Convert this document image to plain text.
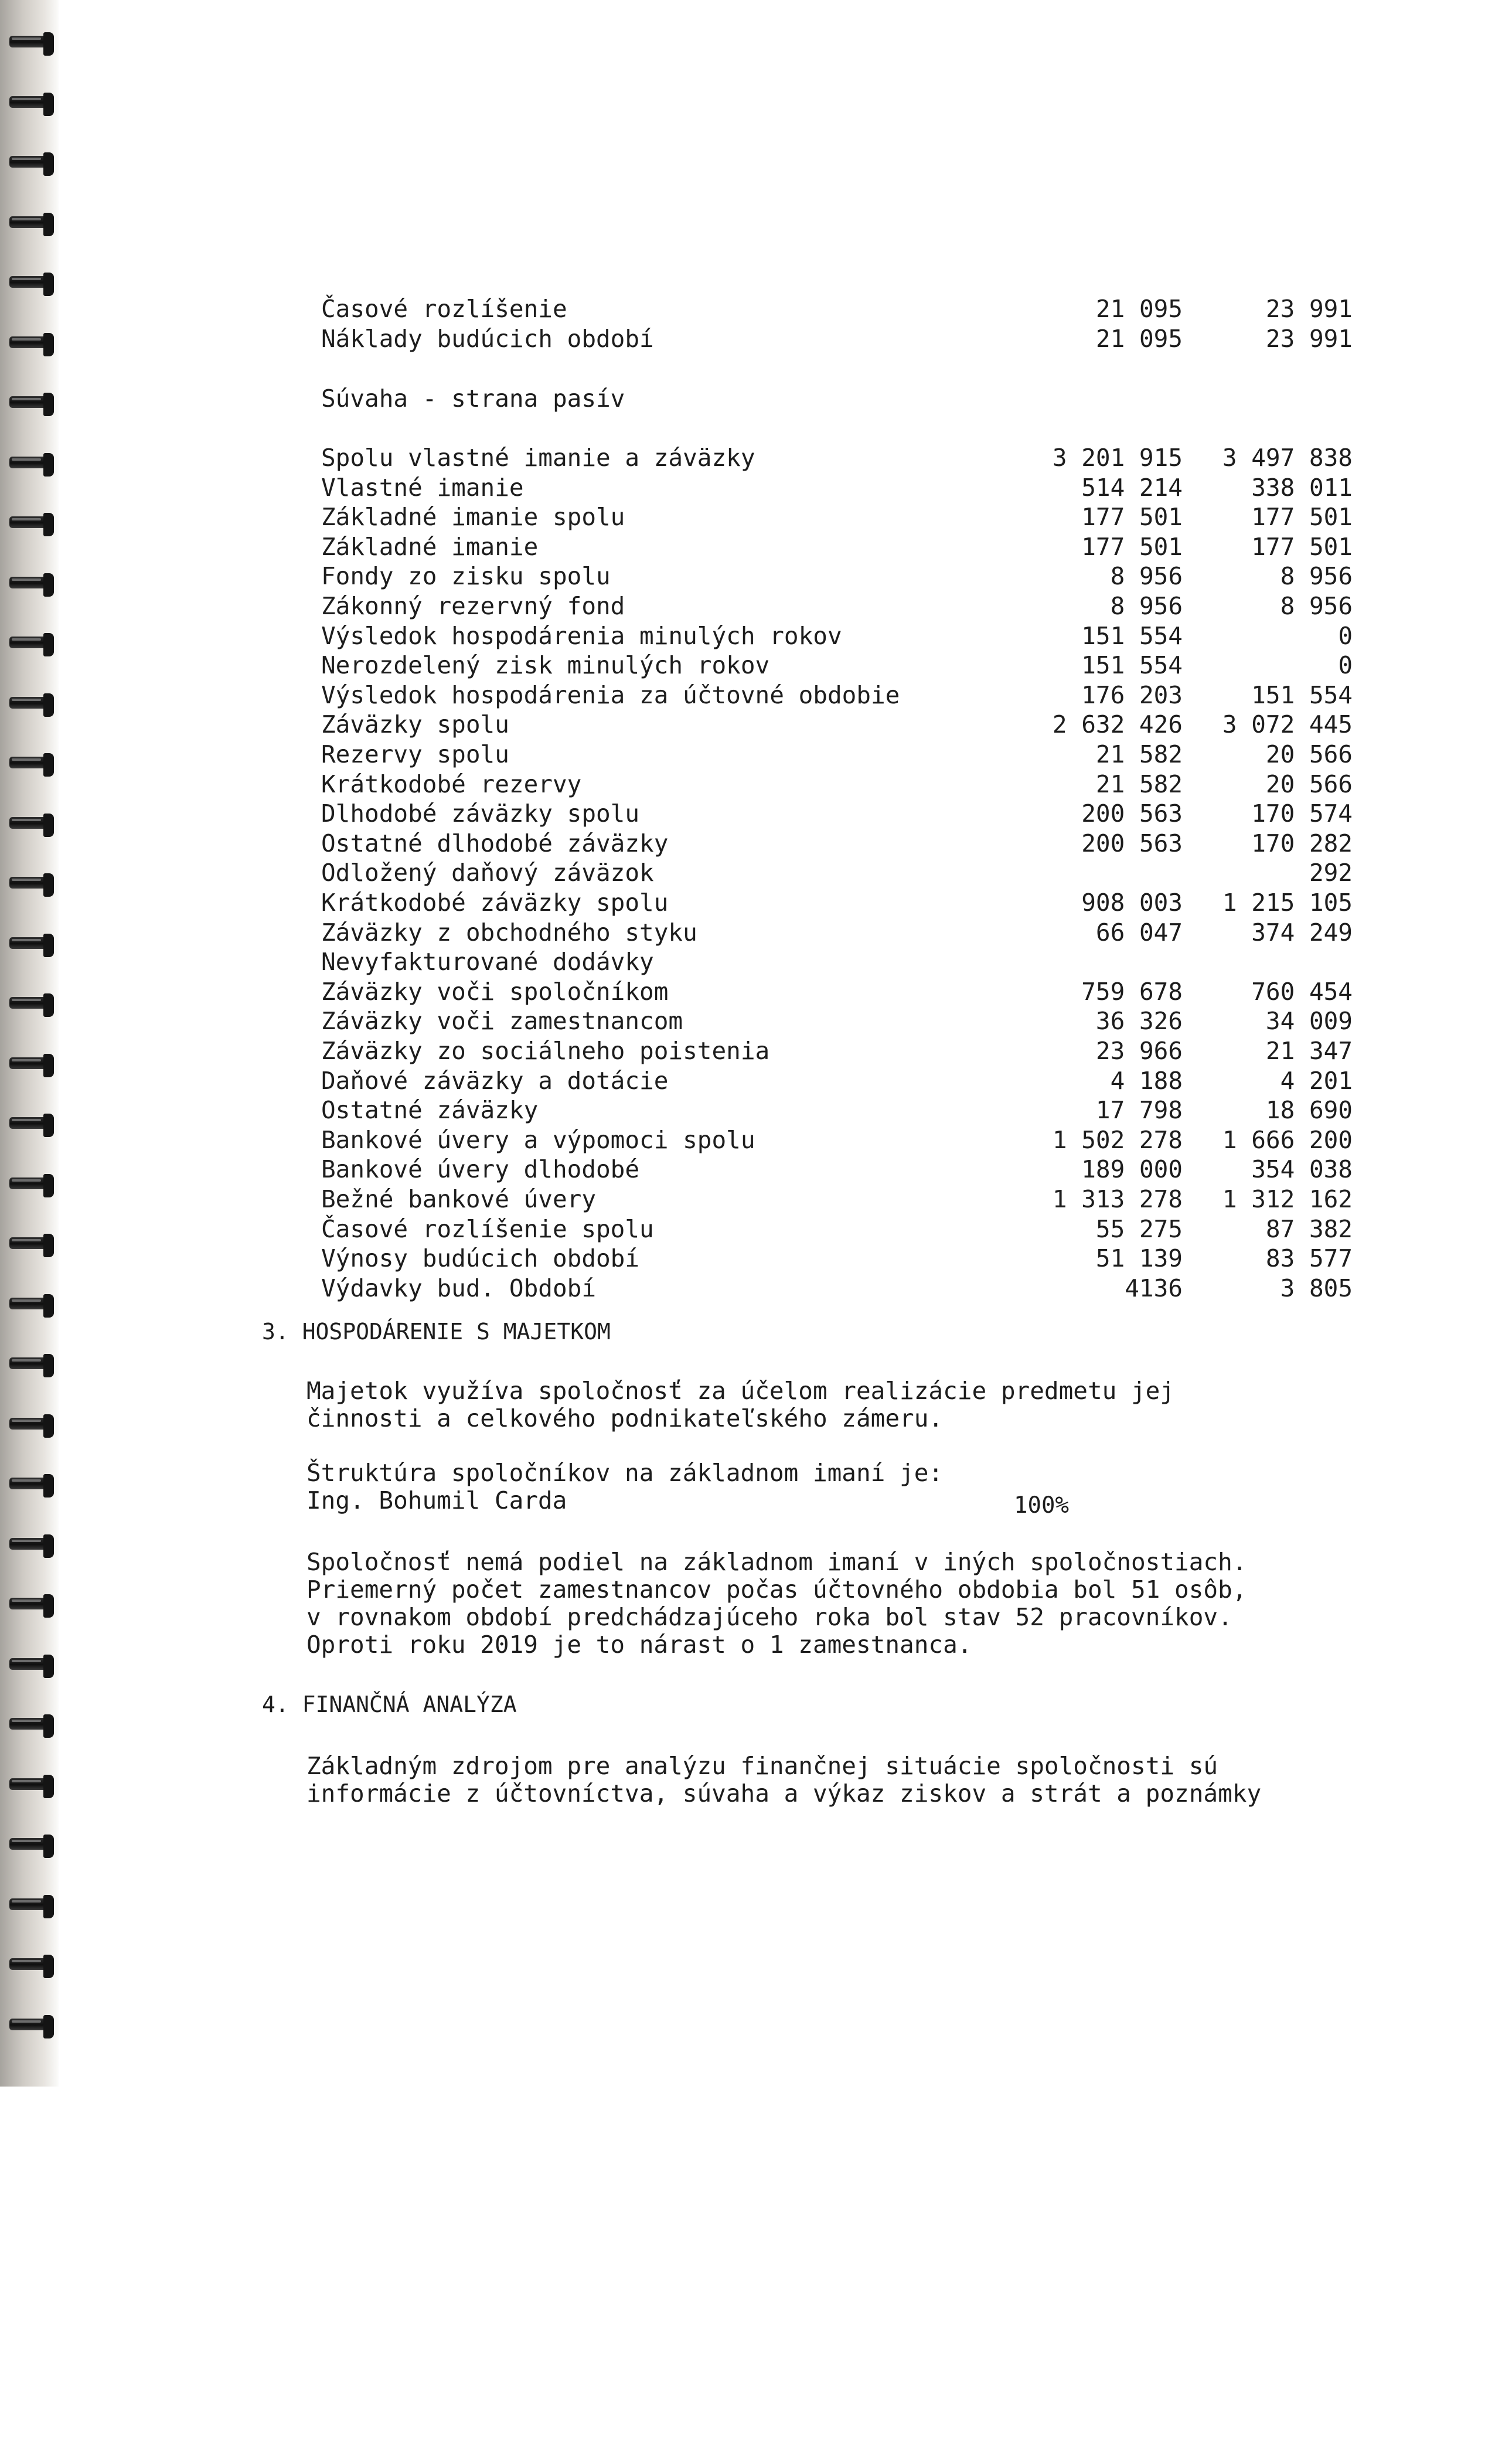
Časové rozlíšenie	21 095	23 991
Náklady budúcich období	21 095	23 991

Súvaha - strana pasív		

Spolu vlastné imanie a záväzky	3 201 915	3 497 838
Vlastné imanie	514 214	338 011
Základné imanie spolu	177 501	177 501
Základné imanie	177 501	177 501
Fondy zo zisku spolu	8 956	8 956
Zákonný rezervný fond	8 956	8 956
Výsledok hospodárenia minulých rokov	151 554	0
Nerozdelený zisk minulých rokov	151 554	0
Výsledok hospodárenia za účtovné obdobie	176 203	151 554
Záväzky spolu	2 632 426	3 072 445
Rezervy spolu	21 582	20 566
Krátkodobé rezervy	21 582	20 566
Dlhodobé záväzky spolu	200 563	170 574
Ostatné dlhodobé záväzky	200 563	170 282
Odložený daňový záväzok		292
Krátkodobé záväzky spolu	908 003	1 215 105
Záväzky z obchodného styku	66 047	374 249
Nevyfakturované dodávky		
Záväzky voči spoločníkom	759 678	760 454
Záväzky voči zamestnancom	36 326	34 009
Záväzky zo sociálneho poistenia	23 966	21 347
Daňové záväzky a dotácie	4 188	4 201
Ostatné záväzky	17 798	18 690
Bankové úvery a výpomoci spolu	1 502 278	1 666 200
Bankové úvery dlhodobé	189 000	354 038
Bežné bankové úvery	1 313 278	1 312 162
Časové rozlíšenie spolu	55 275	87 382
Výnosy budúcich období	51 139	83 577
Výdavky bud. Období	4136	3 805
3. HOSPODÁRENIE S MAJETKOM
Majetok využíva spoločnosť za účelom realizácie predmetu jej
činnosti a celkového podnikateľského zámeru.
Štruktúra spoločníkov na základnom imaní je:
Ing. Bohumil Carda	100%
Spoločnosť nemá podiel na základnom imaní v iných spoločnostiach.
Priemerný počet zamestnancov počas účtovného obdobia bol 51 osôb,
v rovnakom období predchádzajúceho roka bol stav 52 pracovníkov.
Oproti roku 2019 je to nárast o 1 zamestnanca.
4. FINANČNÁ ANALÝZA
Základným zdrojom pre analýzu finančnej situácie spoločnosti sú
informácie z účtovníctva, súvaha a výkaz ziskov a strát a poznámky
